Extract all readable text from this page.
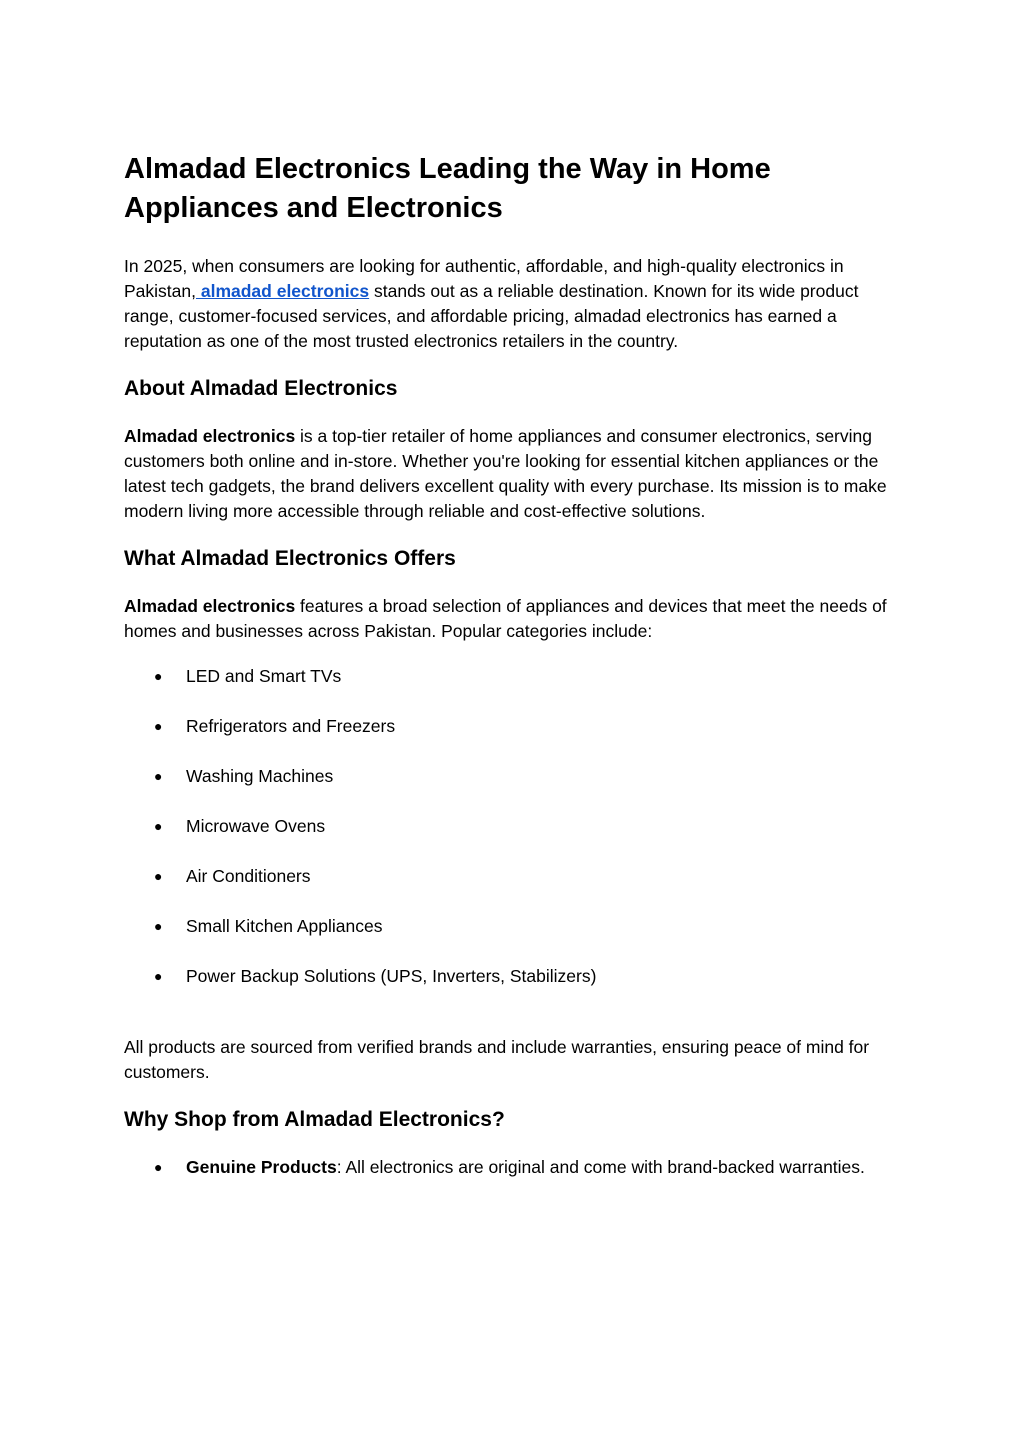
Almadad Electronics Leading the Way in Home Appliances and Electronics

In 2025, when consumers are looking for authentic, affordable, and high-quality electronics in Pakistan, almadad electronics stands out as a reliable destination. Known for its wide product range, customer-focused services, and affordable pricing, almadad electronics has earned a reputation as one of the most trusted electronics retailers in the country.

About Almadad Electronics

Almadad electronics is a top-tier retailer of home appliances and consumer electronics, serving customers both online and in-store. Whether you're looking for essential kitchen appliances or the latest tech gadgets, the brand delivers excellent quality with every purchase. Its mission is to make modern living more accessible through reliable and cost-effective solutions.

What Almadad Electronics Offers

Almadad electronics features a broad selection of appliances and devices that meet the needs of homes and businesses across Pakistan. Popular categories include:

● LED and Smart TVs
● Refrigerators and Freezers
● Washing Machines
● Microwave Ovens
● Air Conditioners
● Small Kitchen Appliances
● Power Backup Solutions (UPS, Inverters, Stabilizers)

All products are sourced from verified brands and include warranties, ensuring peace of mind for customers.

Why Shop from Almadad Electronics?
● Genuine Products: All electronics are original and come with brand-backed warranties.
